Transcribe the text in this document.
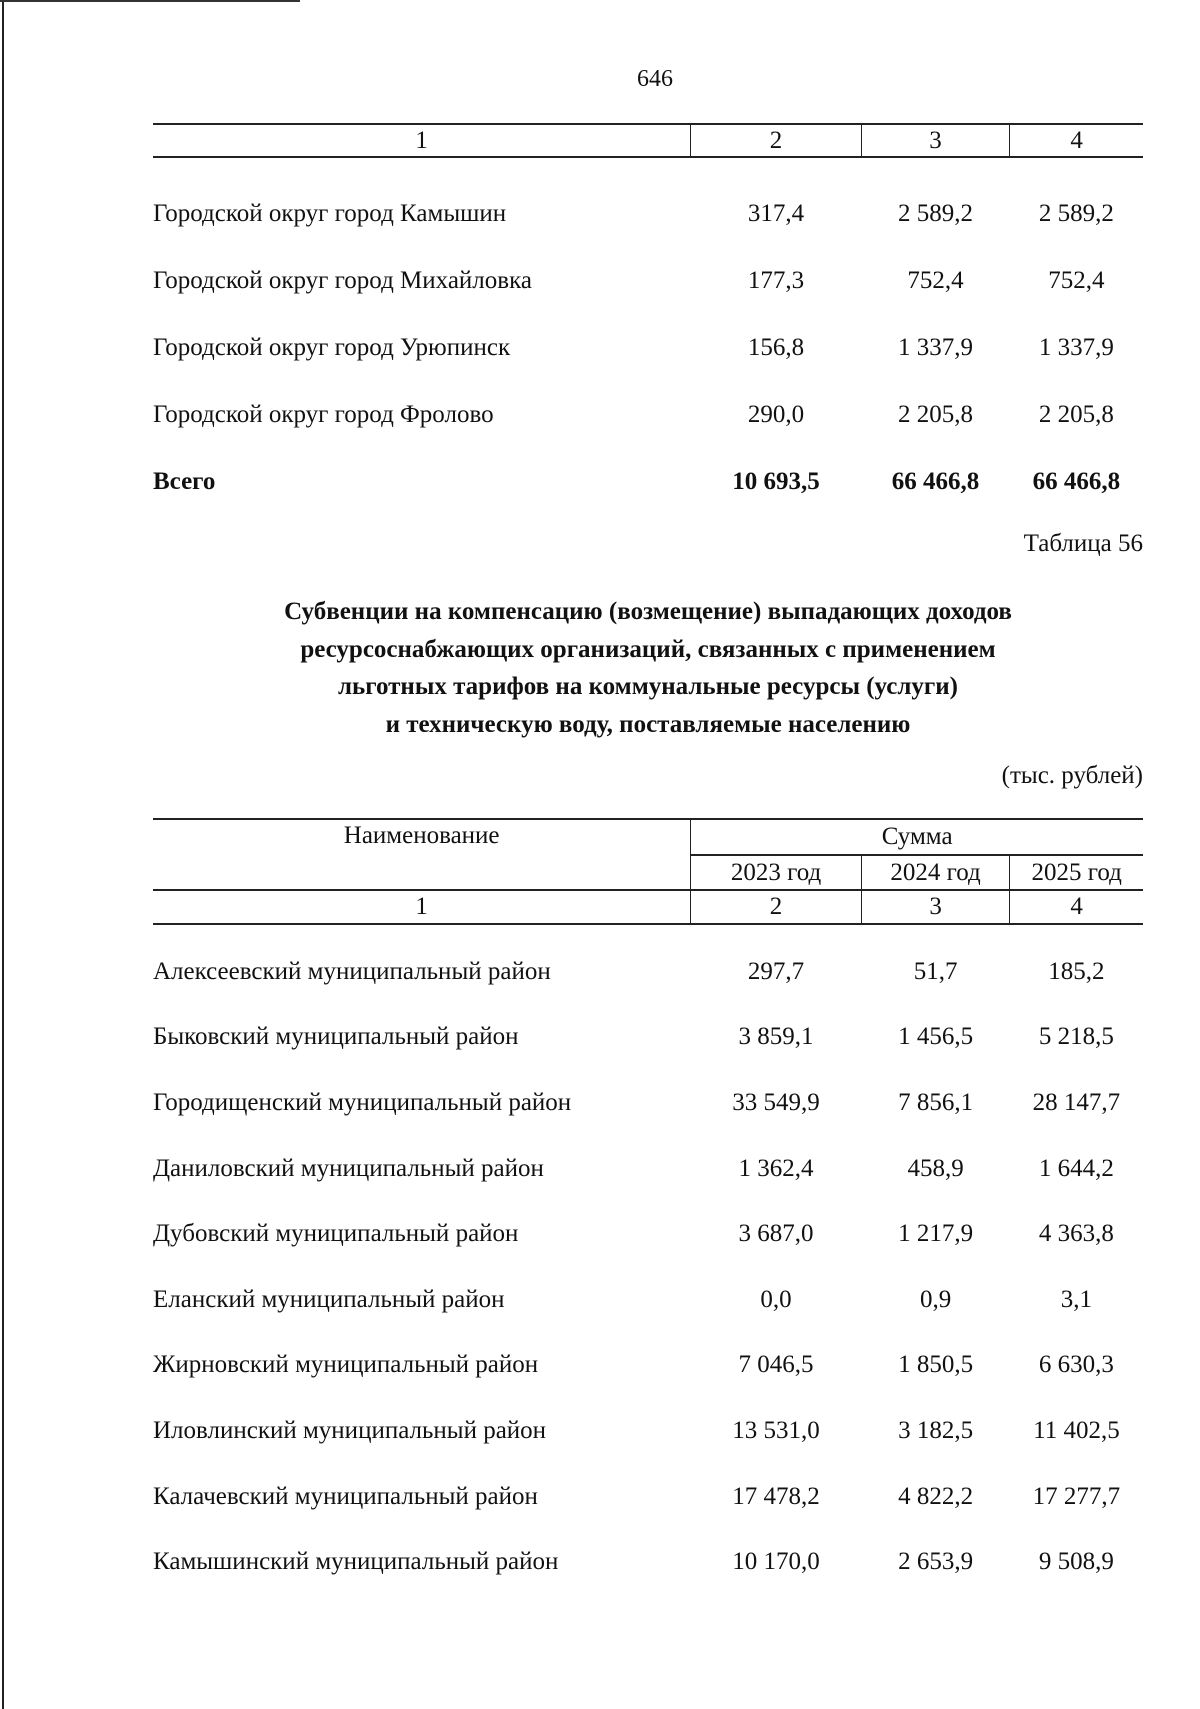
646
1	2	3	4

Городской округ город Камышин	317,4	2 589,2	2 589,2
Городской округ город Михайловка	177,3	752,4	752,4
Городской округ город Урюпинск	156,8	1 337,9	1 337,9
Городской округ город Фролово	290,0	2 205,8	2 205,8
Всего	10 693,5	66 466,8	66 466,8
Таблица 56
Субвенции на компенсацию (возмещение) выпадающих доходов
ресурсоснабжающих организаций, связанных с применением
льготных тарифов на коммунальные ресурсы (услуги)
и техническую воду, поставляемые населению
(тыс. рублей)
Наименование	Сумма		
	2023 год	2024 год	2025 год
1	2	3	4

Алексеевский муниципальный район	297,7	51,7	185,2
Быковский муниципальный район	3 859,1	1 456,5	5 218,5
Городищенский муниципальный район	33 549,9	7 856,1	28 147,7
Даниловский муниципальный район	1 362,4	458,9	1 644,2
Дубовский муниципальный район	3 687,0	1 217,9	4 363,8
Еланский муниципальный район	0,0	0,9	3,1
Жирновский муниципальный район	7 046,5	1 850,5	6 630,3
Иловлинский муниципальный район	13 531,0	3 182,5	11 402,5
Калачевский муниципальный район	17 478,2	4 822,2	17 277,7
Камышинский муниципальный район	10 170,0	2 653,9	9 508,9
